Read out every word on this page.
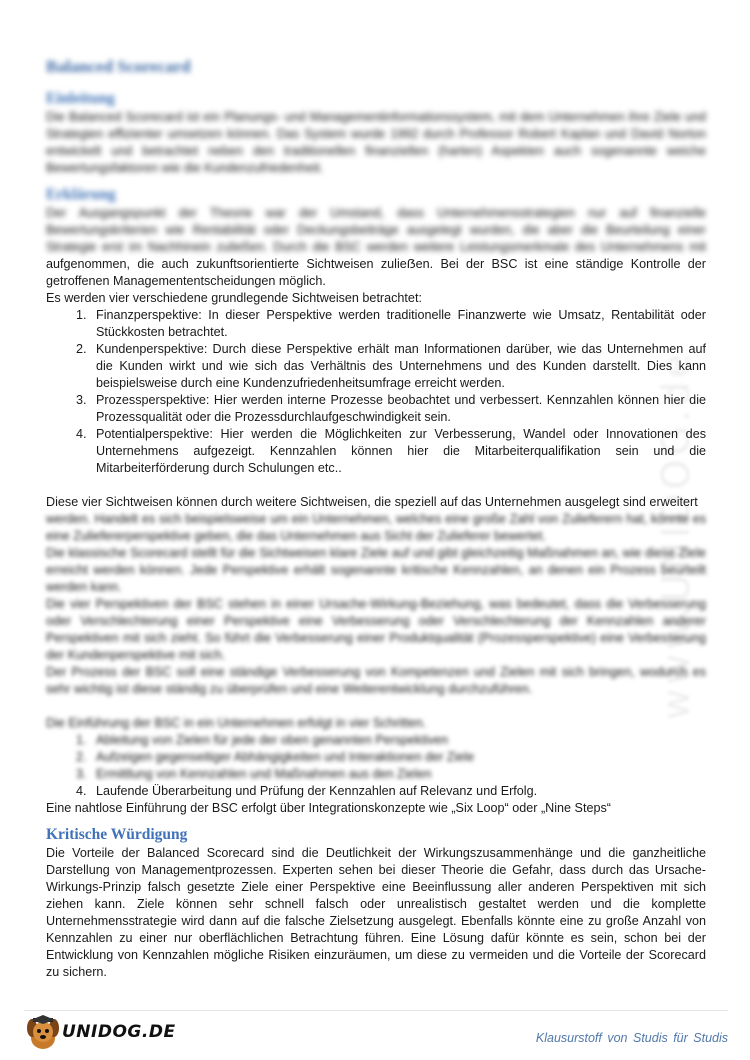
www.UNIDOG.de
Balanced Scorecard
Einleitung

Die Balanced Scorecard ist ein Planungs- und Managementinformationssystem, mit dem Unternehmen ihre Ziele und Strategien effizienter umsetzen können. Das System wurde 1992 durch Professor Robert Kaplan und David Norton entwickelt und betrachtet neben den traditionellen finanziellen (harten) Aspekten auch sogenannte weiche Bewertungsfaktoren wie die Kundenzufriedenheit.

Erklärung

Der Ausgangspunkt der Theorie war der Umstand, dass Unternehmensstrategien nur auf finanzielle Bewertungskriterien wie Rentabilität oder Deckungsbeiträge ausgelegt wurden, die aber die Beurteilung einer Strategie erst im Nachhinein zuließen. Durch die BSC werden weitere Leistungsmerkmale des Unternehmens mit aufgenommen, die auch zukunftsorientierte Sichtweisen zulieẞen. Bei der BSC ist eine ständige Kontrolle der getroffenen Managemententscheidungen möglich.

Es werden vier verschiedene grundlegende Sichtweisen betrachtet:

1. Finanzperspektive: In dieser Perspektive werden traditionelle Finanzwerte wie Umsatz, Rentabilität oder Stückkosten betrachtet.
2. Kundenperspektive: Durch diese Perspektive erhält man Informationen darüber, wie das Unternehmen auf die Kunden wirkt und wie sich das Verhältnis des Unternehmens und des Kunden darstellt. Dies kann beispielsweise durch eine Kundenzufriedenheitsumfrage erreicht werden.
3. Prozessperspektive: Hier werden interne Prozesse beobachtet und verbessert. Kennzahlen können hier die Prozessqualität oder die Prozessdurchlaufgeschwindigkeit sein.
4. Potentialperspektive: Hier werden die Möglichkeiten zur Verbesserung, Wandel oder Innovationen des Unternehmens aufgezeigt. Kennzahlen können hier die Mitarbeiterqualifikation sein und die Mitarbeiterförderung durch Schulungen etc..

Diese vier Sichtweisen können durch weitere Sichtweisen, die speziell auf das Unternehmen ausgelegt sind erweitert

werden. Handelt es sich beispielsweise um ein Unternehmen, welches eine große Zahl von Zulieferern hat, könnte es eine Zuliefererperspektive geben, die das Unternehmen aus Sicht der Zulieferer bewertet.

Die klassische Scorecard stellt für die Sichtweisen klare Ziele auf und gibt gleichzeitig Maßnahmen an, wie diese Ziele erreicht werden können. Jede Perspektive erhält sogenannte kritische Kennzahlen, an denen ein Prozess beurteilt werden kann.

Die vier Perspektiven der BSC stehen in einer Ursache-Wirkung-Beziehung, was bedeutet, dass die Verbesserung oder Verschlechterung einer Perspektive eine Verbesserung oder Verschlechterung der Kennzahlen anderer Perspektiven mit sich zieht. So führt die Verbesserung einer Produktqualität (Prozessperspektive) eine Verbesserung der Kundenperspektive mit sich.

Der Prozess der BSC soll eine ständige Verbesserung von Kompetenzen und Zielen mit sich bringen, wodurch es sehr wichtig ist diese ständig zu überprüfen und eine Weiterentwicklung durchzuführen.

Die Einführung der BSC in ein Unternehmen erfolgt in vier Schritten.

1. Ableitung von Zielen für jede der oben genannten Perspektiven
2. Aufzeigen gegenseitiger Abhängigkeiten und Interaktionen der Ziele
3. Ermittlung von Kennzahlen und Maßnahmen aus den Zielen
4. Laufende Überarbeitung und Prüfung der Kennzahlen auf Relevanz und Erfolg.

Eine nahtlose Einführung der BSC erfolgt über Integrationskonzepte wie „Six Loop“ oder „Nine Steps“

Kritische Würdigung

Die Vorteile der Balanced Scorecard sind die Deutlichkeit der Wirkungszusammenhänge und die ganzheitliche Darstellung von Managementprozessen. Experten sehen bei dieser Theorie die Gefahr, dass durch das Ursache-Wirkungs-Prinzip falsch gesetzte Ziele einer Perspektive eine Beeinflussung aller anderen Perspektiven mit sich ziehen kann. Ziele können sehr schnell falsch oder unrealistisch gestaltet werden und die komplette Unternehmensstrategie wird dann auf die falsche Zielsetzung ausgelegt. Ebenfalls könnte eine zu große Anzahl von Kennzahlen zu einer nur oberflächlichen Betrachtung führen. Eine Lösung dafür könnte es sein, schon bei der Entwicklung von Kennzahlen mögliche Risiken einzuräumen, um diese zu vermeiden und die Vorteile der Scorecard zu sichern.

UNIDOG.DE	Klausurstoff von Studis für Studis
